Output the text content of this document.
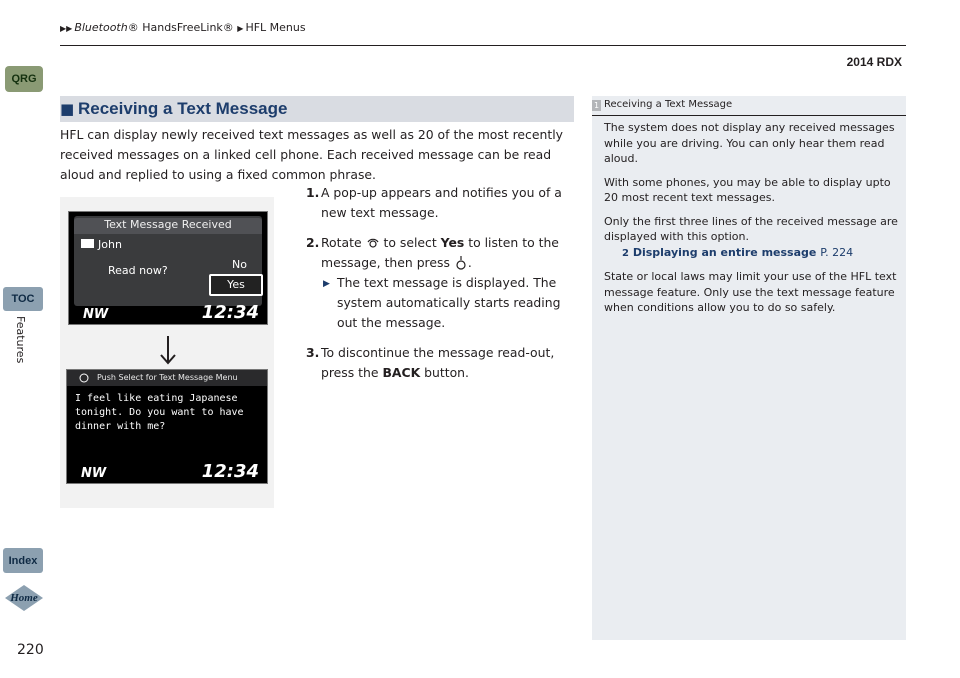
▶▶ Bluetooth® HandsFreeLink® ▶ HFL Menus
2014 RDX
QRG
TOC
Features
Index
Home
220
■ Receiving a Text Message
HFL can display newly received text messages as well as 20 of the most recently received messages on a linked cell phone. Each received message can be read aloud and replied to using a fixed common phrase.
Text Message Received
John
Read now?	No
Yes
NW	12:34
Push Select for Text Message Menu
I feel like eating Japanese tonight. Do you want to have dinner with me?
NW	12:34
1. A pop-up appears and notifies you of a new text message.
2. Rotate to select Yes to listen to the message, then press .
▶ The text message is displayed. The system automatically starts reading out the message.
3. To discontinue the message read-out, press the BACK button.
1 Receiving a Text Message

The system does not display any received messages while you are driving. You can only hear them read aloud.

With some phones, you may be able to display upto 20 most recent text messages.

Only the first three lines of the received message are displayed with this option.
2 Displaying an entire message P. 224

State or local laws may limit your use of the HFL text message feature. Only use the text message feature when conditions allow you to do so safely.
